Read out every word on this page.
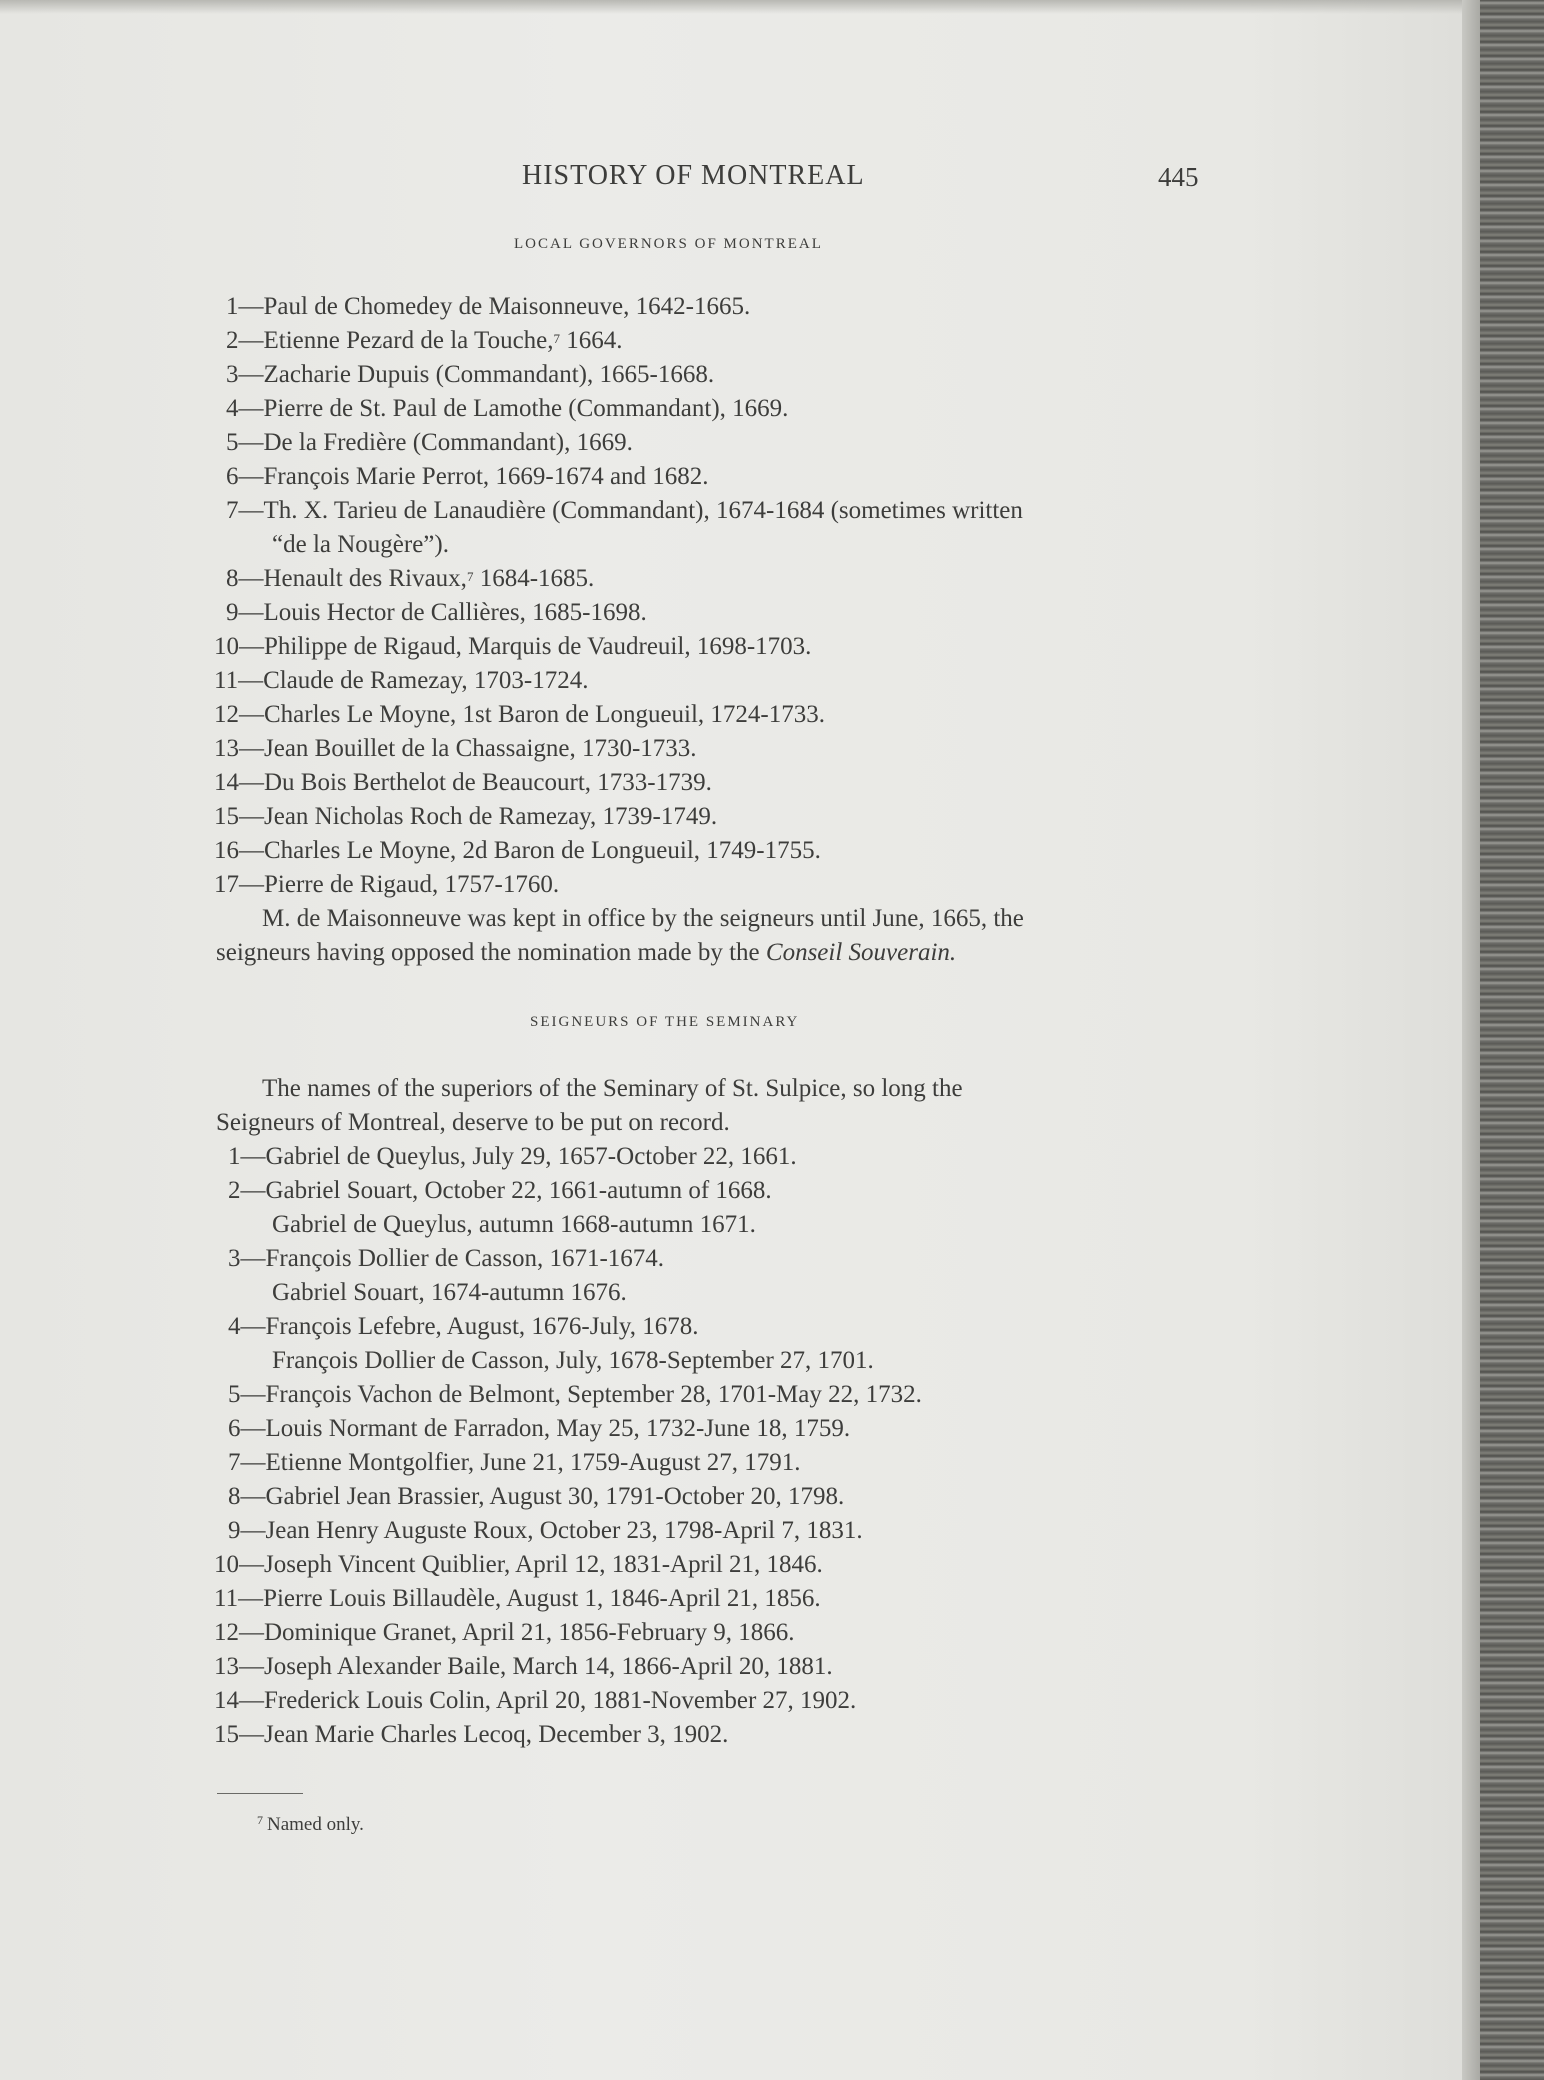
HISTORY OF MONTREAL	445
LOCAL GOVERNORS OF MONTREAL
1—Paul de Chomedey de Maisonneuve, 1642-1665.
2—Etienne Pezard de la Touche,$^7$ 1664.
3—Zacharie Dupuis (Commandant), 1665-1668.
4—Pierre de St. Paul de Lamothe (Commandant), 1669.
5—De la Fredière (Commandant), 1669.
6—François Marie Perrot, 1669-1674 and 1682.
7—Th. X. Tarieu de Lanaudière (Commandant), 1674-1684 (sometimes written
“de la Nougère”).
8—Henault des Rivaux,$^7$ 1684-1685.
9—Louis Hector de Callières, 1685-1698.
10—Philippe de Rigaud, Marquis de Vaudreuil, 1698-1703.
11—Claude de Ramezay, 1703-1724.
12—Charles Le Moyne, 1st Baron de Longueuil, 1724-1733.
13—Jean Bouillet de la Chassaigne, 1730-1733.
14—Du Bois Berthelot de Beaucourt, 1733-1739.
15—Jean Nicholas Roch de Ramezay, 1739-1749.
16—Charles Le Moyne, 2d Baron de Longueuil, 1749-1755.
17—Pierre de Rigaud, 1757-1760.
M. de Maisonneuve was kept in office by the seigneurs until June, 1665, the
seigneurs having opposed the nomination made by the Conseil Souverain.
SEIGNEURS OF THE SEMINARY
The names of the superiors of the Seminary of St. Sulpice, so long the
Seigneurs of Montreal, deserve to be put on record.
1—Gabriel de Queylus, July 29, 1657-October 22, 1661.
2—Gabriel Souart, October 22, 1661-autumn of 1668.
Gabriel de Queylus, autumn 1668-autumn 1671.
3—François Dollier de Casson, 1671-1674.
Gabriel Souart, 1674-autumn 1676.
4—François Lefebre, August, 1676-July, 1678.
François Dollier de Casson, July, 1678-September 27, 1701.
5—François Vachon de Belmont, September 28, 1701-May 22, 1732.
6—Louis Normant de Farradon, May 25, 1732-June 18, 1759.
7—Etienne Montgolfier, June 21, 1759-August 27, 1791.
8—Gabriel Jean Brassier, August 30, 1791-October 20, 1798.
9—Jean Henry Auguste Roux, October 23, 1798-April 7, 1831.
10—Joseph Vincent Quiblier, April 12, 1831-April 21, 1846.
11—Pierre Louis Billaudèle, August 1, 1846-April 21, 1856.
12—Dominique Granet, April 21, 1856-February 9, 1866.
13—Joseph Alexander Baile, March 14, 1866-April 20, 1881.
14—Frederick Louis Colin, April 20, 1881-November 27, 1902.
15—Jean Marie Charles Lecoq, December 3, 1902.
$^7$ Named only.
